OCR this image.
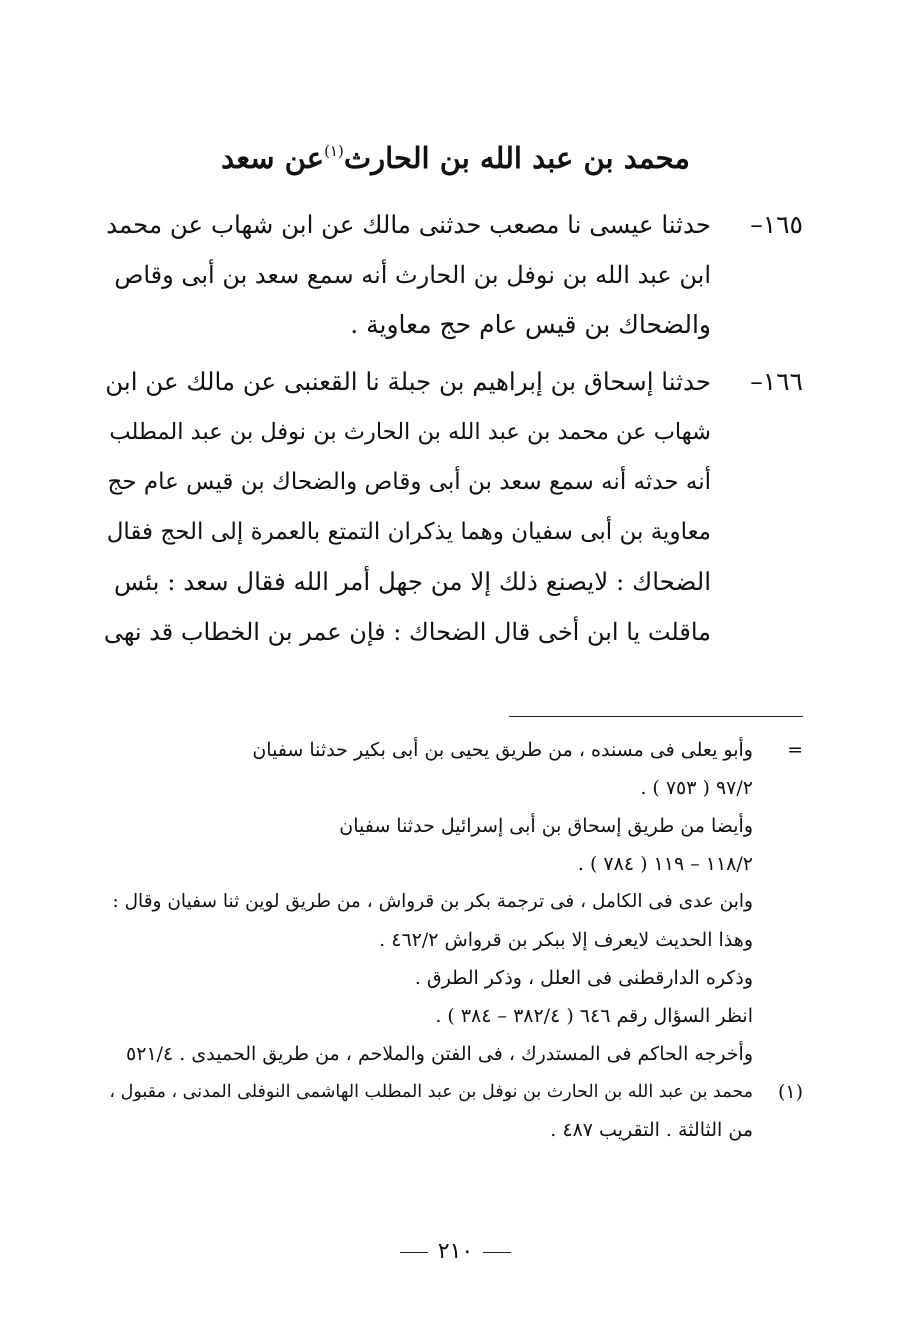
محمد بن عبد الله بن الحارث$^{(١)}$عن سعد
١٦٥–
حدثنا عيسى نا مصعب حدثنى مالك عن ابن شهاب عن محمد
ابن عبد الله بن نوفل بن الحارث أنه سمع سعد بن أبى وقاص
والضحاك بن قيس عام حج معاوية .
١٦٦–
حدثنا إسحاق بن إبراهيم بن جبلة نا القعنبى عن مالك عن ابن
شهاب عن محمد بن عبد الله بن الحارث بن نوفل بن عبد المطلب
أنه حدثه أنه سمع سعد بن أبى وقاص والضحاك بن قيس عام حج
معاوية بن أبى سفيان وهما يذكران التمتع بالعمرة إلى الحج فقال
الضحاك : لايصنع ذلك إلا من جهل أمر الله فقال سعد : بئس
ماقلت يا ابن أخى قال الضحاك : فإن عمر بن الخطاب قد نهى
=
وأبو يعلى فى مسنده ، من طريق يحيى بن أبى بكير حدثنا سفيان
٩٧/٢ ( ٧٥٣ ) .
وأيضا من طريق إسحاق بن أبى إسرائيل حدثنا سفيان
١١٨/٢ – ١١٩ ( ٧٨٤ ) .
وابن عدى فى الكامل ، فى ترجمة بكر بن قرواش ، من طريق لوين ثنا سفيان وقال :
وهذا الحديث لايعرف إلا ببكر بن قرواش ٤٦٢/٢ .
وذكره الدارقطنى فى العلل ، وذكر الطرق .
انظر السؤال رقم ٦٤٦ ( ٣٨٢/٤ – ٣٨٤ ) .
وأخرجه الحاكم فى المستدرك ، فى الفتن والملاحم ، من طريق الحميدى . ٥٢١/٤
(١)
محمد بن عبد الله بن الحارث بن نوفل بن عبد المطلب الهاشمى النوفلى المدنى ، مقبول ،
من الثالثة . التقريب ٤٨٧ .
٢١٠
